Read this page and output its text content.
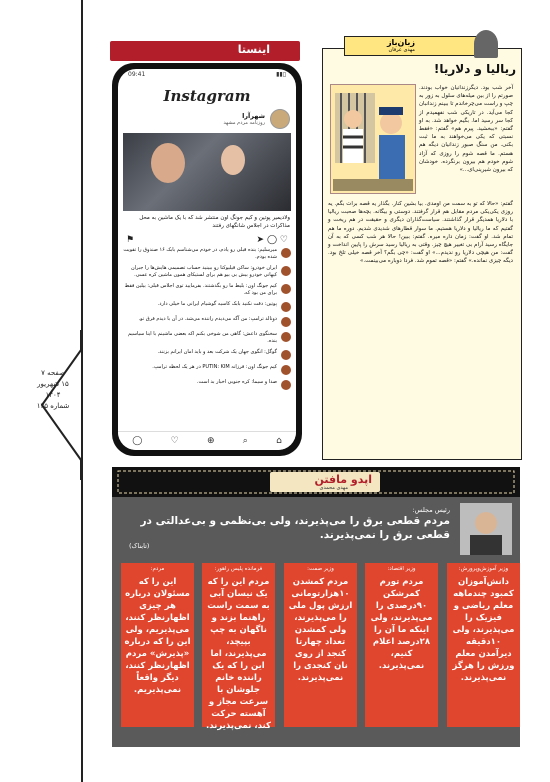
صفحه ۷
۱۵ شهریور ۱۴۰۴
شماره ۱۴۵
اینستا
09:41	▮▮▯
Instagram
شهرآرا
روزنامه مردم مشهد
ولادیمیر پوتین و کیم جونگ اون منتشر شد که با یک ماشین به محل مذاکرات در اجلاس شانگهای رفتند
⚑	➤ ◯ ♡
میرسلیم: بنده قبلی رو یادم، در خودم می‌شناسم بابک ۱۶ صندوق را تقویت شده بودم.
ایران خودرو: ساکن قیلیوکنا رو ببینید حساب تصمیمی هایش‌ها را جبران کیهانی خودرو بیش بی بیو هم برای لستیکای همون ماشین کره عسی.
کیم جونگ اون: بلیط ما رو بگذشتند. بفرمایید توی اجلاس قبلی: بیلین فقط برای من بود که.
پوتین: دقت نکنید بابک کاسیه گوشیام ایرانی ما خیلی دارد.
دونالد ترامپ: من آگه می‌دیدم راننده می‌شد. در آن با دیدم فرق تو.
سخنگوی داعش: گاهی من شوخی بکنم اکه بعضی ماشینم با اینا سیاسیم بنده.
گوگل: انگوی جهان یک شرکت بعد و باید امان ایرانم بزنند.
کیم جونگ اون: فرزانه PUTIN: KIM در هر یک لحظه ترامپ.
صدا و سیما: کره جنوبی اخبار بد است.
⌂
⌕
⊕
♡
◯
زبان‌باز
مهدی عرفان
ریالیا و دلاریا!
آخر شب بود. دیگرزندانیان خواب بودند. صورتم را از بین میله‌های سلول به زور به چپ و راست می‌چرخاندم تا ببینم زندانبان کجا می‌آید. در تاریکی شب نفهمیدم از کجا سر رسید اما. بگیم خواهد شد. به او گفتم: «ببخشید. پیرم هم» گفتم: «فقط نسبتی که یکی می‌خواهند به ما ثبت بکنی. من سنگ صبور زندانیان دیگه هم هستم. ما قصه شوم را روزی که آزاد شوم خودم هم بیرون برنگرده. خودشان که بیرون شیرینی‌ای...»
گفتم: «حالا که تو به سمت من اومدی. بیا بشین کنار. بگذار یه قصه برات بگم. یه روزی یکی‌یکی مردم مقابل هم قرار گرفتند. دوستی و بیگانه. بچه‌ها صحبت ریالیا با دلاریا همدیگر قرار گذاشتند. سیاست‌گذاران دیگری و حقیقت در هم ریخت و گفتیم که ما ریالیا و دلاریا هستیم. ما سوار قطارهای شدیدی شدیم. دوره ما هم تمام شد. او گفت: زمان داره میره. گفتم: ببین! حالا هر شب کسی که به آن جایگاه رسید آرام بی تغییر هیچ چیز. وقتی به ریالیا رسید سرش را پایین انداخت و گفت: من هیچی دلاریا رو ندیدم...» او گفت: «چی بگم؟ آخر قصه خیلی تلخ بود. دیگه چیزی نمانده.» گفتم: «قصه تموم شد. فردا دوباره می‌بینمت.»
اپدو مافتن
مهدی محمدی
رئیس مجلس:
مردم قطعی برق را می‌پذیرند، ولی بی‌نظمی و بی‌عدالتی در قطعی برق را نمی‌پذیرند.
(تابناک)
وزیر آموزش‌وپرورش:
دانش‌آموزان کمبود چندماهه معلم ریاضی و فیزیک را می‌پذیرند، ولی ۱۰دقیقه دیرآمدن معلم ورزش را هرگز نمی‌پذیرند.
وزیر اقتصاد:
مردم تورم کمرشکن ۹۰درصدی را می‌پذیرند، ولی اینکه ما آن را ۲۸درصد اعلام کنیم، نمی‌پذیرند.
وزیر صمت:
مردم کمشدن ۱۰هزارتومانی ارزش پول ملی را می‌پذیرند، ولی کمشدن تعداد چهارتا کنجد از روی نان کنجدی را نمی‌پذیرند.
فرمانده پلیس راهور:
مردم این را که یک نیسان آبی به سمت راست راهنما بزند و ناگهان به چپ بپیچد، می‌پذیرند، اما این را که یک راننده خانم جلوشان با سرعت مجاز و آهسته حرکت کند، نمی‌پذیرند.
مردم:
این را که مسئولان درباره هر چیزی اظهارنظر کنند، می‌پذیریم، ولی این را که درباره «پذیرش» مردم اظهارنظر کنند، دیگر واقعاً نمی‌پذیریم.
